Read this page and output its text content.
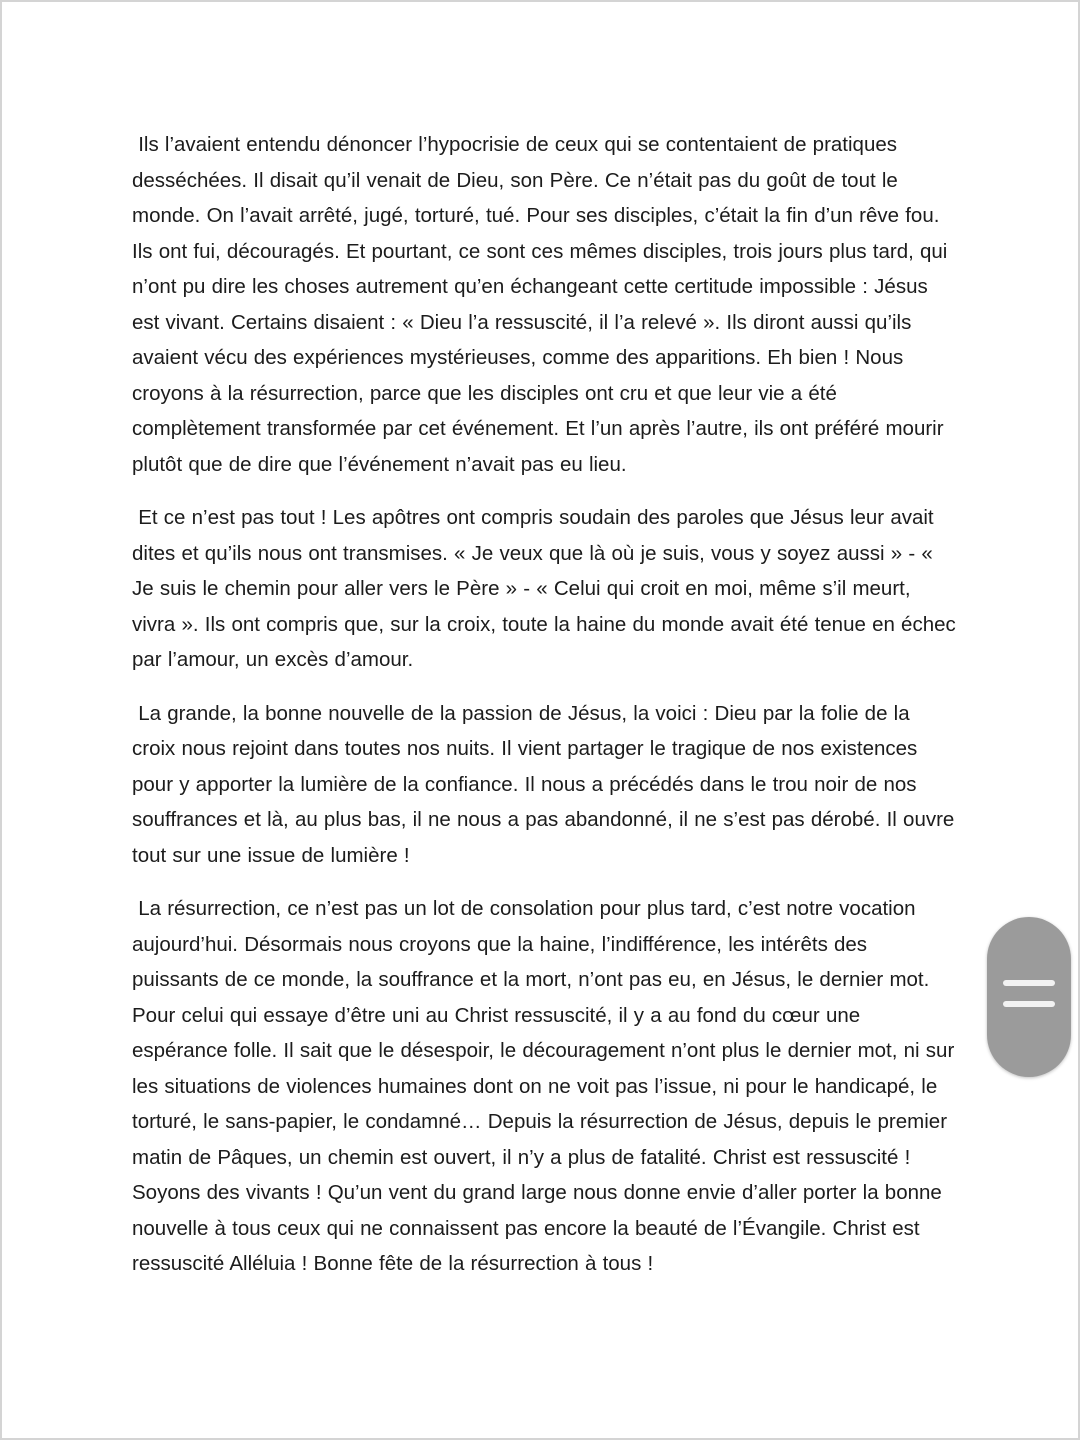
Ils l’avaient entendu dénoncer l’hypocrisie de ceux qui se contentaient de pratiques desséchées. Il disait qu’il venait de Dieu, son Père. Ce n’était pas du goût de tout le monde. On l’avait arrêté, jugé, torturé, tué. Pour ses disciples, c’était la fin d’un rêve fou. Ils ont fui, découragés. Et pourtant, ce sont ces mêmes disciples, trois jours plus tard, qui n’ont pu dire les choses autrement qu’en échangeant cette certitude impossible : Jésus est vivant. Certains disaient : « Dieu l’a ressuscité, il l’a relevé ». Ils diront aussi qu’ils avaient vécu des expériences mystérieuses, comme des apparitions. Eh bien ! Nous croyons à la résurrection, parce que les disciples ont cru et que leur vie a été complètement transformée par cet événement. Et l’un après l’autre, ils ont préféré mourir plutôt que de dire que l’événement n’avait pas eu lieu.

Et ce n’est pas tout ! Les apôtres ont compris soudain des paroles que Jésus leur avait dites et qu’ils nous ont transmises. « Je veux que là où je suis, vous y soyez aussi » - « Je suis le chemin pour aller vers le Père » - « Celui qui croit en moi, même s’il meurt, vivra ». Ils ont compris que, sur la croix, toute la haine du monde avait été tenue en échec par l’amour, un excès d’amour.

La grande, la bonne nouvelle de la passion de Jésus, la voici : Dieu par la folie de la croix nous rejoint dans toutes nos nuits. Il vient partager le tragique de nos existences pour y apporter la lumière de la confiance. Il nous a précédés dans le trou noir de nos souffrances et là, au plus bas, il ne nous a pas abandonné, il ne s’est pas dérobé. Il ouvre tout sur une issue de lumière !

La résurrection, ce n’est pas un lot de consolation pour plus tard, c’est notre vocation aujourd’hui. Désormais nous croyons que la haine, l’indifférence, les intérêts des puissants de ce monde, la souffrance et la mort, n’ont pas eu, en Jésus, le dernier mot. Pour celui qui essaye d’être uni au Christ ressuscité, il y a au fond du cœur une espérance folle. Il sait que le désespoir, le découragement n’ont plus le dernier mot, ni sur les situations de violences humaines dont on ne voit pas l’issue, ni pour le handicapé, le torturé, le sans-papier, le condamné… Depuis la résurrection de Jésus, depuis le premier matin de Pâques, un chemin est ouvert, il n’y a plus de fatalité. Christ est ressuscité ! Soyons des vivants ! Qu’un vent du grand large nous donne envie d’aller porter la bonne nouvelle à tous ceux qui ne connaissent pas encore la beauté de l’Évangile. Christ est ressuscité Alléluia ! Bonne fête de la résurrection à tous !
